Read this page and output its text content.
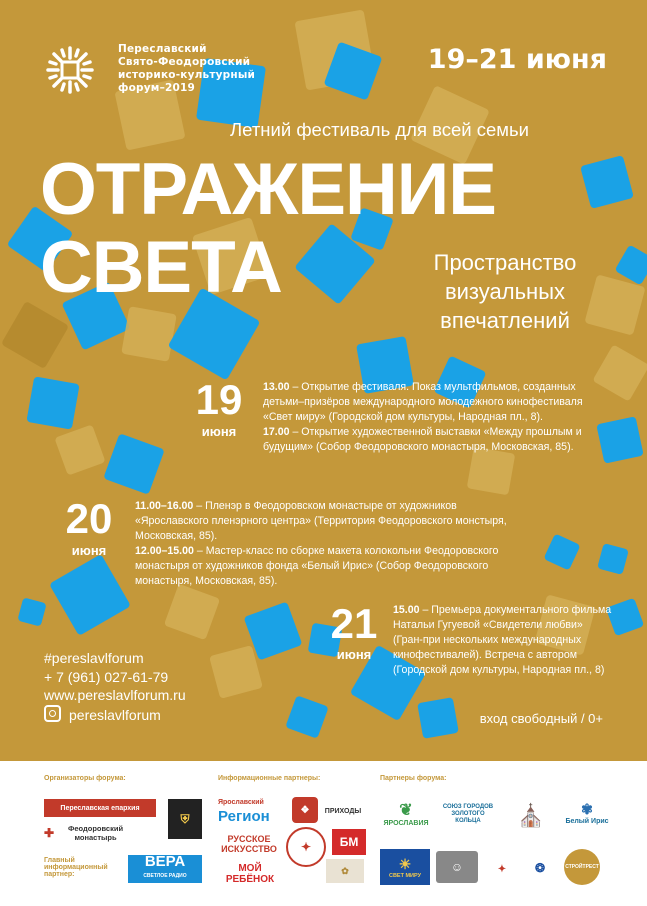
Переславский
Свято-Феодоровский
историко-культурный
форум–2019
19–21 июня
Летний фестиваль для всей семьи
ОТРАЖЕНИЕ
СВЕТА	Пространство
визуальных
впечатлений
19
июня

13.00 – Открытие фестиваля. Показ мультфильмов, созданных детьми–призёров международного молодежного кинофестиваля «Свет миру» (Городской дом культуры, Народная пл., 8).

17.00 – Открытие художественной выставки «Между прошлым и будущим» (Собор Феодоровского монастыря, Московская, 85).

20
июня

11.00–16.00 – Пленэр в Феодоровском монастыре от художников «Ярославского пленэрного центра» (Территория Феодоровского монстыря, Московская, 85).

12.00–15.00 – Мастер-класс по сборке макета колокольни Феодоровского монастыря от художников фонда «Белый Ирис» (Собор Феодоровского монастыря, Московская, 85).

21
июня

15.00 – Премьера документального фильма Натальи Гугуевой «Свидетели любви» (Гран-при нескольких международных кинофестивалей). Встреча с автором (Городской дом культуры, Народная пл., 8)

#pereslavlforum
+ 7 (961) 027-61-79
www.pereslavlforum.ru
pereslavlforum	вход свободный / 0+
Организаторы форума:
Главный информационный партнер:
Информационные партнеры:	Партнеры форума:
Переславская епархия
✚	Феодоровский монастырь
⛨
ВЕРА
СВЕТЛОЕ РАДИО
Ярославский
Регион	❖	ПРИХОДЫ
РУССКОЕ ИСКУССТВО	✦	БМ
МОЙ РЕБЁНОК
✿
❦
ЯРОСЛАВИЯ
СОЮЗ ГОРОДОВ ЗОЛОТОГО КОЛЬЦА	⛪	✾
Белый Ирис
☀
СВЕТ МИРУ
☺	✦	❂	СТРОЙТРЕСТ
